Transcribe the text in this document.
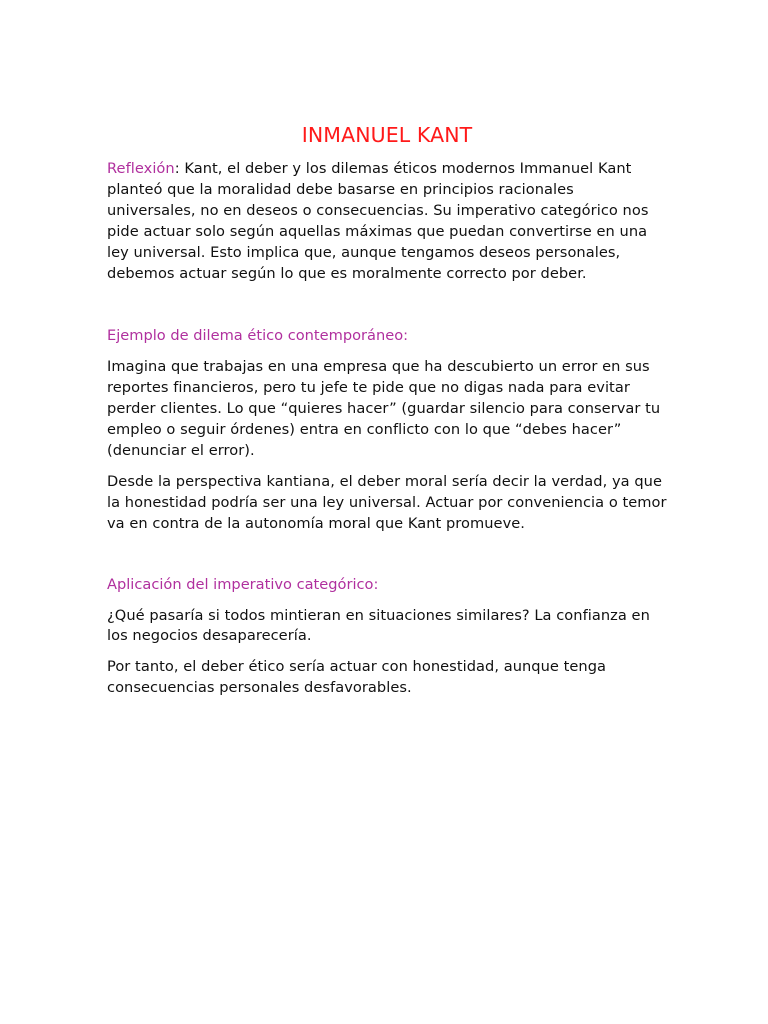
INMANUEL KANT

Reflexión: Kant, el deber y los dilemas éticos modernos Immanuel Kant planteó que la moralidad debe basarse en principios racionales universales, no en deseos o consecuencias. Su imperativo categórico nos pide actuar solo según aquellas máximas que puedan convertirse en una ley universal. Esto implica que, aunque tengamos deseos personales, debemos actuar según lo que es moralmente correcto por deber.

Ejemplo de dilema ético contemporáneo:

Imagina que trabajas en una empresa que ha descubierto un error en sus reportes financieros, pero tu jefe te pide que no digas nada para evitar perder clientes. Lo que “quieres hacer” (guardar silencio para conservar tu empleo o seguir órdenes) entra en conflicto con lo que “debes hacer” (denunciar el error).

Desde la perspectiva kantiana, el deber moral sería decir la verdad, ya que la honestidad podría ser una ley universal. Actuar por conveniencia o temor va en contra de la autonomía moral que Kant promueve.

Aplicación del imperativo categórico:

¿Qué pasaría si todos mintieran en situaciones similares? La confianza en los negocios desaparecería.

Por tanto, el deber ético sería actuar con honestidad, aunque tenga consecuencias personales desfavorables.
